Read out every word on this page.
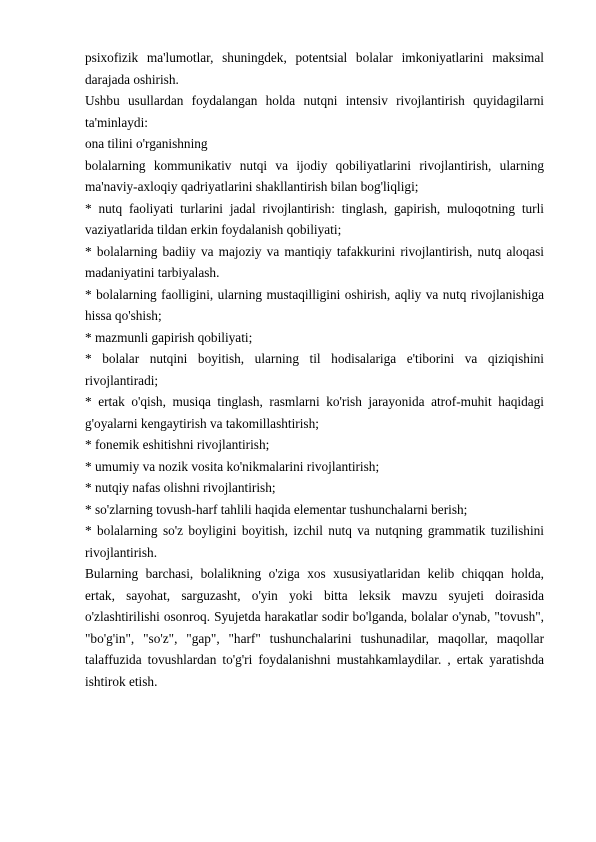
psixofizik ma'lumotlar, shuningdek, potentsial bolalar imkoniyatlarini maksimal darajada oshirish.

Ushbu usullardan foydalangan holda nutqni intensiv rivojlantirish quyidagilarni ta'minlaydi:

ona tilini o'rganishning

bolalarning kommunikativ nutqi va ijodiy qobiliyatlarini rivojlantirish, ularning ma'naviy-axloqiy qadriyatlarini shakllantirish bilan bog'liqligi;

* nutq faoliyati turlarini jadal rivojlantirish: tinglash, gapirish, muloqotning turli vaziyatlarida tildan erkin foydalanish qobiliyati;

* bolalarning badiiy va majoziy va mantiqiy tafakkurini rivojlantirish, nutq aloqasi madaniyatini tarbiyalash.

* bolalarning faolligini, ularning mustaqilligini oshirish, aqliy va nutq rivojlanishiga hissa qo'shish;

* mazmunli gapirish qobiliyati;

* bolalar nutqini boyitish, ularning til hodisalariga e'tiborini va qiziqishini rivojlantiradi;

* ertak o'qish, musiqa tinglash, rasmlarni ko'rish jarayonida atrof-muhit haqidagi g'oyalarni kengaytirish va takomillashtirish;

* fonemik eshitishni rivojlantirish;

* umumiy va nozik vosita ko'nikmalarini rivojlantirish;

* nutqiy nafas olishni rivojlantirish;

* so'zlarning tovush-harf tahlili haqida elementar tushunchalarni berish;

* bolalarning so'z boyligini boyitish, izchil nutq va nutqning grammatik tuzilishini rivojlantirish.

Bularning barchasi, bolalikning o'ziga xos xususiyatlaridan kelib chiqqan holda, ertak, sayohat, sarguzasht, o'yin yoki bitta leksik mavzu syujeti doirasida o'zlashtirilishi osonroq. Syujetda harakatlar sodir bo'lganda, bolalar o'ynab, "tovush", "bo'g'in", "so'z", "gap", "harf" tushunchalarini tushunadilar, maqollar, maqollar talaffuzida tovushlardan to'g'ri foydalanishni mustahkamlaydilar. , ertak yaratishda ishtirok etish.
